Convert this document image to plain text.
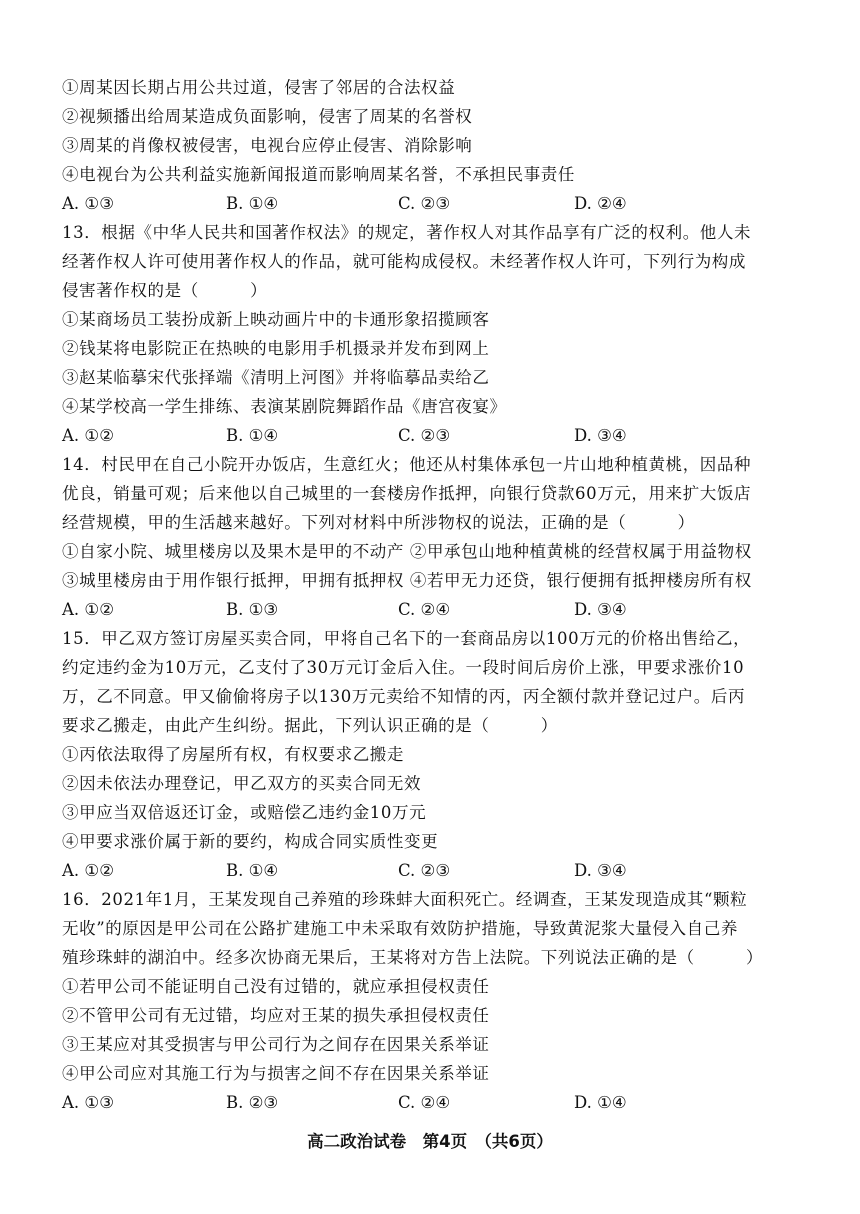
①周某因长期占用公共过道，侵害了邻居的合法权益
②视频播出给周某造成负面影响，侵害了周某的名誉权
③周某的肖像权被侵害，电视台应停止侵害、消除影响
④电视台为公共利益实施新闻报道而影响周某名誉，不承担民事责任
A. ①③	B. ①④	C. ②③	D. ②④
13．根据《中华人民共和国著作权法》的规定，著作权人对其作品享有广泛的权利。他人未
经著作权人许可使用著作权人的作品，就可能构成侵权。未经著作权人许可，下列行为构成
侵害著作权的是（　　　）
①某商场员工装扮成新上映动画片中的卡通形象招揽顾客
②钱某将电影院正在热映的电影用手机摄录并发布到网上
③赵某临摹宋代张择端《清明上河图》并将临摹品卖给乙
④某学校高一学生排练、表演某剧院舞蹈作品《唐宫夜宴》
A. ①②	B. ①④	C. ②③	D. ③④
14．村民甲在自己小院开办饭店，生意红火；他还从村集体承包一片山地种植黄桃，因品种
优良，销量可观；后来他以自己城里的一套楼房作抵押，向银行贷款60万元，用来扩大饭店
经营规模，甲的生活越来越好。下列对材料中所涉物权的说法，正确的是（　　　）
①自家小院、城里楼房以及果木是甲的不动产 ②甲承包山地种植黄桃的经营权属于用益物权
③城里楼房由于用作银行抵押，甲拥有抵押权 ④若甲无力还贷，银行便拥有抵押楼房所有权
A. ①②	B. ①③	C. ②④	D. ③④
15．甲乙双方签订房屋买卖合同，甲将自己名下的一套商品房以100万元的价格出售给乙，
约定违约金为10万元，乙支付了30万元订金后入住。一段时间后房价上涨，甲要求涨价10
万，乙不同意。甲又偷偷将房子以130万元卖给不知情的丙，丙全额付款并登记过户。后丙
要求乙搬走，由此产生纠纷。据此，下列认识正确的是（　　　）
①丙依法取得了房屋所有权，有权要求乙搬走
②因未依法办理登记，甲乙双方的买卖合同无效
③甲应当双倍返还订金，或赔偿乙违约金10万元
④甲要求涨价属于新的要约，构成合同实质性变更
A. ①②	B. ①④	C. ②③	D. ③④
16．2021年1月，王某发现自己养殖的珍珠蚌大面积死亡。经调查，王某发现造成其“颗粒
无收”的原因是甲公司在公路扩建施工中未采取有效防护措施，导致黄泥浆大量侵入自己养
殖珍珠蚌的湖泊中。经多次协商无果后，王某将对方告上法院。下列说法正确的是（　　　）
①若甲公司不能证明自己没有过错的，就应承担侵权责任
②不管甲公司有无过错，均应对王某的损失承担侵权责任
③王某应对其受损害与甲公司行为之间存在因果关系举证
④甲公司应对其施工行为与损害之间不存在因果关系举证
A. ①③	B. ②③	C. ②④	D. ①④
高二政治试卷　第4页　（共6页）
